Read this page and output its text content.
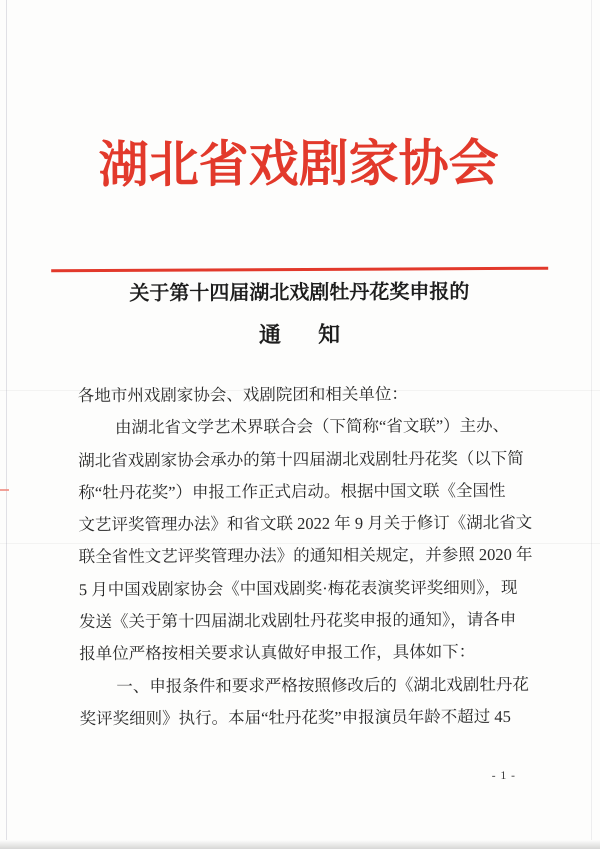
湖北省戏剧家协会
关于第十四届湖北戏剧牡丹花奖申报的
通 知
各地市州戏剧家协会、戏剧院团和相关单位：
由湖北省文学艺术界联合会（下简称“省文联”）主办、
湖北省戏剧家协会承办的第十四届湖北戏剧牡丹花奖（以下简
称“牡丹花奖”）申报工作正式启动。根据中国文联《全国性
文艺评奖管理办法》和省文联 2022 年 9 月关于修订《湖北省文
联全省性文艺评奖管理办法》的通知相关规定，并参照 2020 年
5 月中国戏剧家协会《中国戏剧奖·梅花表演奖评奖细则》，现
发送《关于第十四届湖北戏剧牡丹花奖申报的通知》，请各申
报单位严格按相关要求认真做好申报工作，具体如下：
一、申报条件和要求严格按照修改后的《湖北戏剧牡丹花
奖评奖细则》执行。本届“牡丹花奖”申报演员年龄不超过 45
- 1 -
